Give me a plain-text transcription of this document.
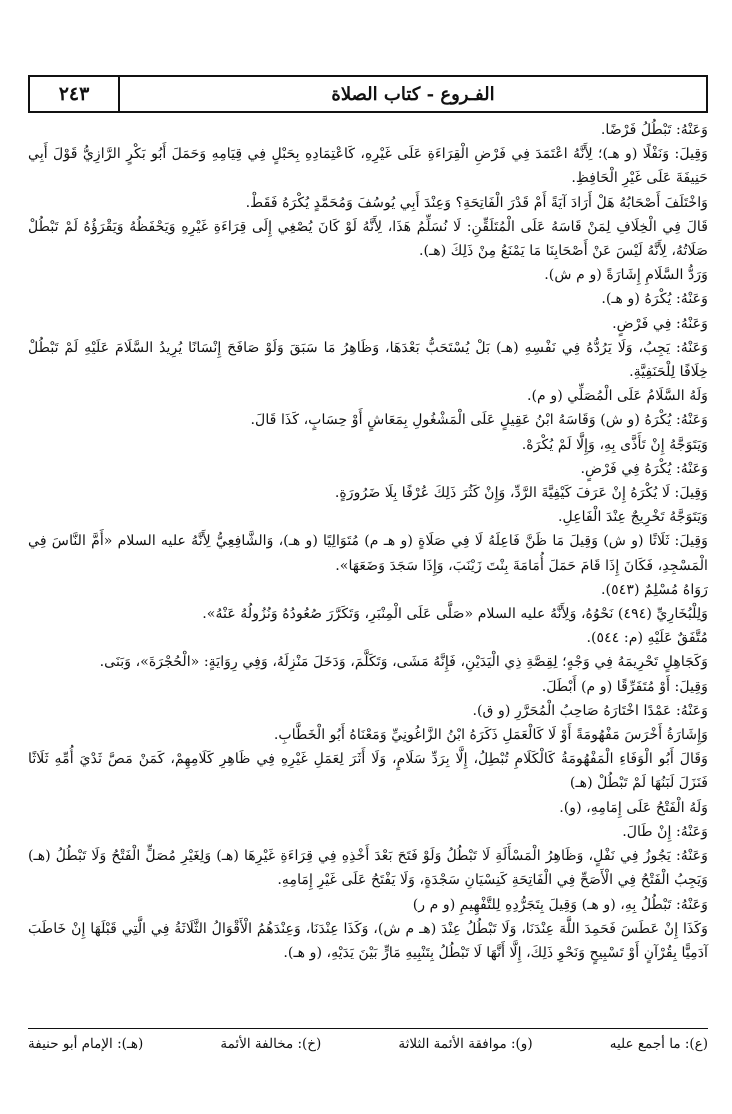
٢٤٣	الفـروع - كتاب الصلاة

وَعَنْهُ: تَبْطُلُ فَرْضًا.

وَقِيلَ: وَنَفْلًا (و هـ)؛ لِأَنَّهُ اعْتَمَدَ فِي فَرْضِ الْقِرَاءَةِ عَلَى غَيْرِهِ، كَاعْتِمَادِهِ بِحَبْلٍ فِي قِيَامِهِ وَحَمَلَ أَبُو بَكْرٍ الرَّازِيُّ قَوْلَ أَبِي حَنِيفَةَ عَلَى غَيْرِ الْحَافِظِ.

وَاخْتَلَفَ أَصْحَابُهُ هَلْ أَرَادَ آيَةً أَمْ قَدْرَ الْفَاتِحَةِ؟ وَعِنْدَ أَبِي يُوسُفَ وَمُحَمَّدٍ يُكْرَهُ فَقَطْ.

قَالَ فِي الْخِلَافِ لِمَنْ قَاسَهُ عَلَى الْمُتَلَقِّنِ: لَا نُسَلِّمُ هَذَا، لِأَنَّهُ لَوْ كَانَ يُصْغِي إِلَى قِرَاءَةِ غَيْرِهِ وَيَحْفَظُهُ وَيَقْرَؤُهُ لَمْ تَبْطُلْ صَلَاتُهُ، لِأَنَّهُ لَيْسَ عَنْ أَصْحَابِنَا مَا يَمْنَعُ مِنْ ذَلِكَ (هـ).

وَرَدُّ السَّلَامِ إِشَارَةً (و م ش).

وَعَنْهُ: يُكْرَهُ (و هـ).

وَعَنْهُ: فِي فَرْضٍ.

وَعَنْهُ: يَجِبُ، وَلَا يَرُدُّهُ فِي نَفْسِهِ (هـ) بَلْ يُسْتَحَبُّ بَعْدَهَا، وَظَاهِرُ مَا سَبَقَ وَلَوْ صَافَحَ إِنْسَانًا يُرِيدُ السَّلَامَ عَلَيْهِ لَمْ تَبْطُلْ خِلَافًا لِلْحَنَفِيَّةِ.

وَلَهُ السَّلَامُ عَلَى الْمُصَلِّي (و م).

وَعَنْهُ: يُكْرَهُ (و ش) وَقَاسَهُ ابْنُ عَقِيلٍ عَلَى الْمَشْغُولِ بِمَعَاشٍ أَوْ حِسَابٍ، كَذَا قَالَ.

وَيَتَوَجَّهُ إِنْ تَأَذَّى بِهِ، وَإِلَّا لَمْ يُكْرَهْ.

وَعَنْهُ: يُكْرَهُ فِي فَرْضٍ.

وَقِيلَ: لَا يُكْرَهُ إِنْ عَرَفَ كَيْفِيَّةَ الرَّدِّ، وَإِنْ كَثُرَ ذَلِكَ عُرْفًا بِلَا ضَرُورَةٍ.

وَيَتَوَجَّهُ تَخْرِيجٌ عِنْدَ الْفَاعِلِ.

وَقِيلَ: ثَلَاثًا (و ش) وَقِيلَ مَا ظَنَّ فَاعِلَهُ لَا فِي صَلَاةٍ (و هـ م) مُتَوَالِيًا (و هـ)، وَالشَّافِعِيُّ لِأَنَّهُ عليه السلام «أَمَّ النَّاسَ فِي الْمَسْجِدِ، فَكَانَ إِذَا قَامَ حَمَلَ أُمَامَةَ بِنْتَ زَيْنَبَ، وَإِذَا سَجَدَ وَضَعَهَا».

رَوَاهُ مُسْلِمٌ (٥٤٣).

وَلِلْبُخَارِيِّ (٤٩٤) نَحْوُهُ، وَلِأَنَّهُ عليه السلام «صَلَّى عَلَى الْمِنْبَرِ، وَتَكَرَّرَ صُعُودُهُ وَنُزُولُهُ عَنْهُ».

مُتَّفَقٌ عَلَيْهِ (م: ٥٤٤).

وَكَجَاهِلٍ تَحْرِيمَهُ فِي وَجْهٍ؛ لِقِصَّةِ ذِي الْيَدَيْنِ، فَإِنَّهُ مَشَى، وَتَكَلَّمَ، وَدَخَلَ مَنْزِلَهُ، وَفِي رِوَايَةٍ: «الْحُجْرَةَ»، وَبَنَى.

وَقِيلَ: أَوْ مُتَفَرِّقًا (و م) أَبْطَلَ.

وَعَنْهُ: عَمْدًا اخْتَارَهُ صَاحِبُ الْمُحَرَّرِ (و ق).

وَإِشَارَةُ أَخْرَسَ مَفْهُومَةً أَوْ لَا كَالْعَمَلِ ذَكَرَهُ ابْنُ الزَّاغُونِيِّ وَمَعْنَاهُ أَبُو الْخَطَّابِ.

وَقَالَ أَبُو الْوَفَاءِ الْمَفْهُومَةُ كَالْكَلَامِ تُبْطِلُ، إِلَّا بِرَدِّ سَلَامٍ، وَلَا أَثَرَ لِعَمَلِ غَيْرِهِ فِي ظَاهِرِ كَلَامِهِمْ، كَمَنْ مَصَّ ثَدْيَ أُمِّهِ ثَلَاثًا فَنَزَلَ لَبَنُهَا لَمْ تَبْطُلْ (هـ)

وَلَهُ الْفَتْحُ عَلَى إِمَامِهِ، (و).

وَعَنْهُ: إِنْ طَالَ.

وَعَنْهُ: يَجُوزُ فِي نَفْلٍ، وَظَاهِرُ الْمَسْأَلَةِ لَا تَبْطُلُ وَلَوْ فَتَحَ بَعْدَ أَخْذِهِ فِي قِرَاءَةِ غَيْرِهَا (هـ) وَلِغَيْرِ مُصَلٍّ الْفَتْحُ وَلَا تَبْطُلُ (هـ) وَيَجِبُ الْفَتْحُ فِي الْأَصَحِّ فِي الْفَاتِحَةِ كَنِسْيَانِ سَجْدَةٍ، وَلَا يَفْتَحُ عَلَى غَيْرِ إِمَامِهِ.

وَعَنْهُ: تَبْطُلُ بِهِ، (و هـ) وَقِيلَ بِتَجَرُّدِهِ لِلتَّفْهِيمِ (و م ر)

وَكَذَا إِنْ عَطَسَ فَحَمِدَ اللَّهَ عِنْدَنَا، وَلَا تَبْطُلُ عِنْدَ (هـ م ش)، وَكَذَا عِنْدَنَا، وَعِنْدَهُمُ الْأَقْوَالُ الثَّلَاثَةُ فِي الَّتِي قَبْلَهَا إِنْ خَاطَبَ آدَمِيًّا بِقُرْآنٍ أَوْ تَسْبِيحٍ وَنَحْوِ ذَلِكَ، إِلَّا أَنَّهَا لَا تَبْطُلُ بِتَنْبِيهِ مَارٍّ بَيْنَ يَدَيْهِ، (و هـ).

(ع): ما أجمع عليه
(و): موافقة الأئمة الثلاثة
(خ): مخالفة الأئمة
(هـ): الإمام أبو حنيفة
